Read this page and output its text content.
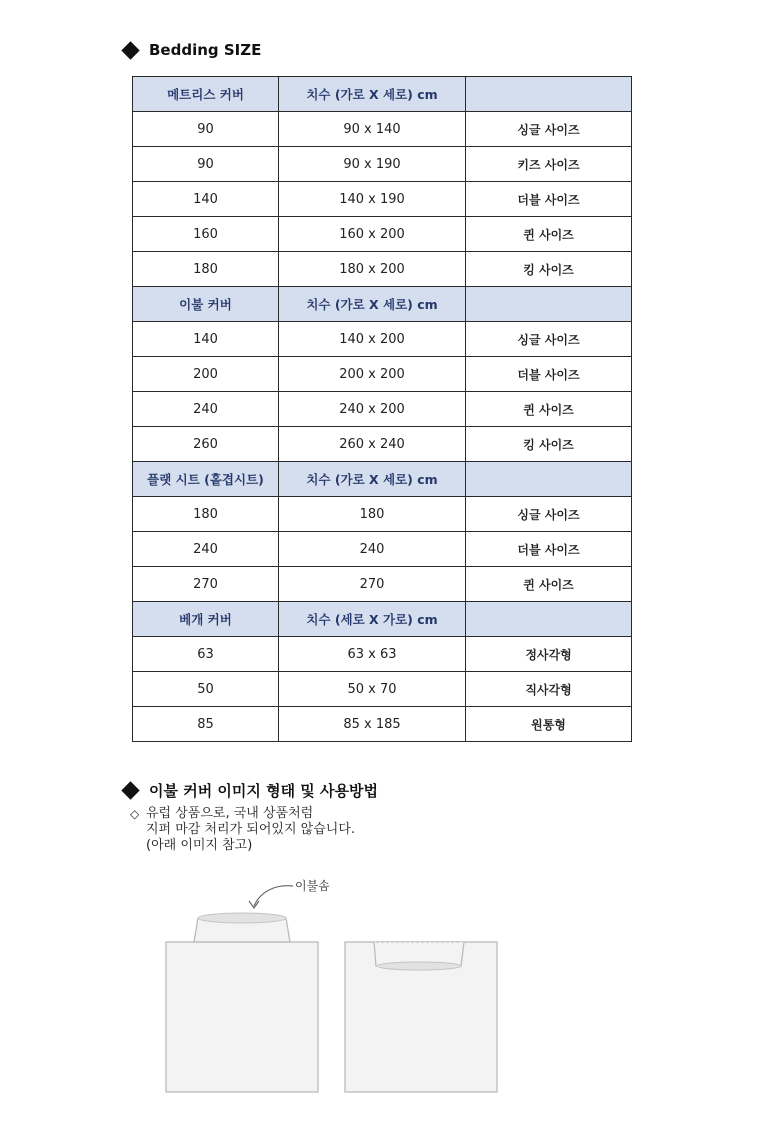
Bedding SIZE
메트리스 커버	치수 (가로 X 세로) cm	
90	90 x 140	싱글 사이즈
90	90 x 190	키즈 사이즈
140	140 x 190	더블 사이즈
160	160 x 200	퀸 사이즈
180	180 x 200	킹 사이즈
이불 커버	치수 (가로 X 세로) cm	
140	140 x 200	싱글 사이즈
200	200 x 200	더블 사이즈
240	240 x 200	퀸 사이즈
260	260 x 240	킹 사이즈
플랫 시트 (홑겹시트)	치수 (가로 X 세로) cm	
180	180	싱글 사이즈
240	240	더블 사이즈
270	270	퀸 사이즈
베개 커버	치수 (세로 X 가로) cm	
63	63 x 63	정사각형
50	50 x 70	직사각형
85	85 x 185	원통형
이불 커버 이미지 형태 및 사용방법
◇ 유럽 상품으로, 국내 상품처럼
지퍼 마감 처리가 되어있지 않습니다.
(아래 이미지 참고)
이불솜
